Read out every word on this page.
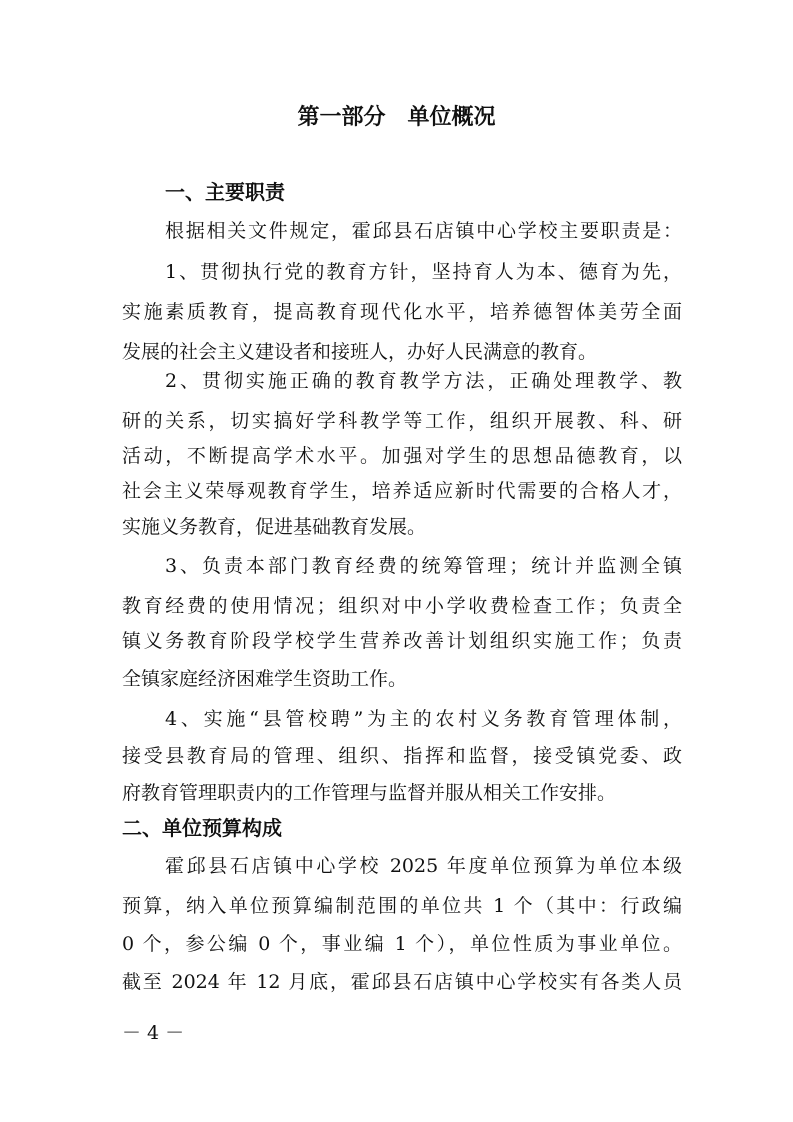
第一部分　单位概况
一、主要职责

根据相关文件规定，霍邱县石店镇中心学校主要职责是：

1、贯彻执行党的教育方针，坚持育人为本、德育为先，

实施素质教育，提高教育现代化水平，培养德智体美劳全面

发展的社会主义建设者和接班人，办好人民满意的教育。

2、贯彻实施正确的教育教学方法，正确处理教学、教

研的关系，切实搞好学科教学等工作，组织开展教、科、研

活动，不断提高学术水平。加强对学生的思想品德教育，以

社会主义荣辱观教育学生，培养适应新时代需要的合格人才，

实施义务教育，促进基础教育发展。

3、负责本部门教育经费的统筹管理；统计并监测全镇

教育经费的使用情况；组织对中小学收费检查工作；负责全

镇义务教育阶段学校学生营养改善计划组织实施工作；负责

全镇家庭经济困难学生资助工作。

4、实施“县管校聘”为主的农村义务教育管理体制，

接受县教育局的管理、组织、指挥和监督，接受镇党委、政

府教育管理职责内的工作管理与监督并服从相关工作安排。

二、单位预算构成

霍邱县石店镇中心学校 2025 年度单位预算为单位本级

预算，纳入单位预算编制范围的单位共 1 个（其中：行政编

0 个，参公编 0 个，事业编 1 个），单位性质为事业单位。

截至 2024 年 12 月底，霍邱县石店镇中心学校实有各类人员

－ 4 －
